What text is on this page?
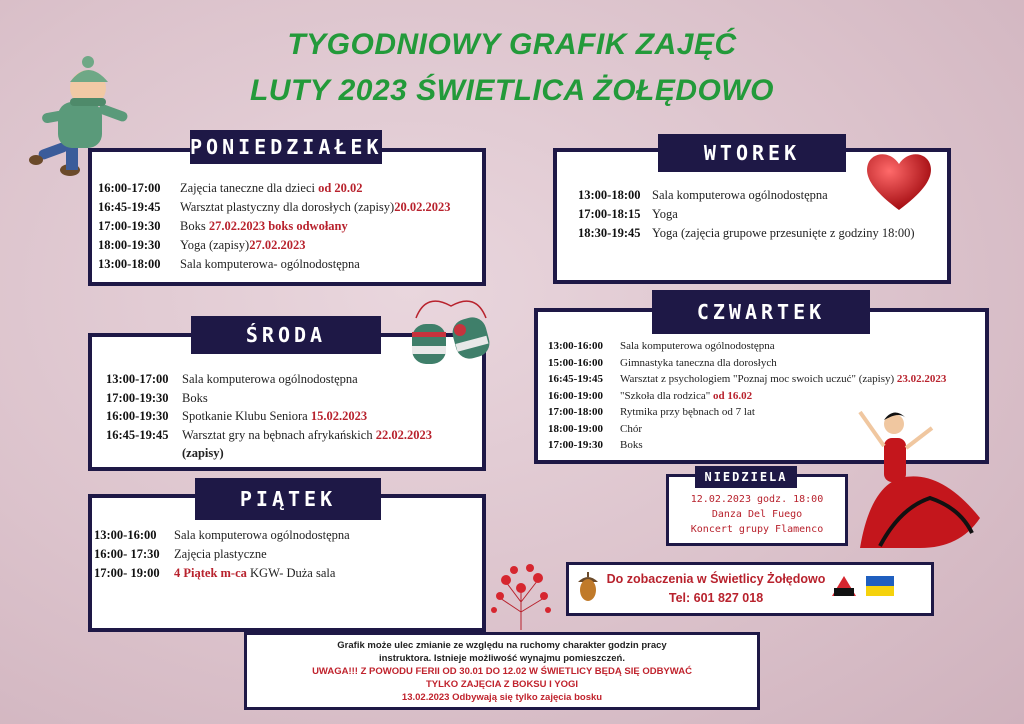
TYGODNIOWY GRAFIK ZAJĘĆ
LUTY 2023 ŚWIETLICA ŻOŁĘDOWO
PONIEDZIAŁEK
16:00-17:00 Zajęcia taneczne dla dzieci od 20.02
16:45-19:45 Warsztat plastyczny dla dorosłych (zapisy)20.02.2023
17:00-19:30 Boks 27.02.2023 boks odwołany
18:00-19:30 Yoga (zapisy)27.02.2023
13:00-18:00 Sala komputerowa- ogólnodostępna
WTOREK
13:00-18:00 Sala komputerowa ogólnodostępna
17:00-18:15 Yoga
18:30-19:45 Yoga (zajęcia grupowe przesunięte z godziny 18:00)
ŚRODA
13:00-17:00 Sala komputerowa ogólnodostępna
17:00-19:30 Boks
16:00-19:30 Spotkanie Klubu Seniora 15.02.2023
16:45-19:45 Warsztat gry na bębnach afrykańskich 22.02.2023
(zapisy)
CZWARTEK
13:00-16:00 Sala komputerowa ogólnodostępna
15:00-16:00 Gimnastyka taneczna dla dorosłych
16:45-19:45 Warsztat z psychologiem "Poznaj moc swoich uczuć" (zapisy) 23.02.2023
16:00-19:00 "Szkoła dla rodzica" od 16.02
17:00-18:00 Rytmika przy bębnach od 7 lat
18:00-19:00 Chór
17:00-19:30 Boks
NIEDZIELA
12.02.2023 godz. 18:00
Danza Del Fuego
Koncert grupy Flamenco
PIĄTEK
13:00-16:00 Sala komputerowa ogólnodostępna
16:00- 17:30 Zajęcia plastyczne
17:00- 19:00 4 Piątek m-ca KGW- Duża sala	Do zobaczenia w Świetlicy Żołędowo
Tel: 601 827 018
Grafik może ulec zmianie ze względu na ruchomy charakter godzin pracy
instruktora. Istnieje możliwość wynajmu pomieszczeń.
UWAGA!!! Z POWODU FERII OD 30.01 DO 12.02 W ŚWIETLICY BĘDĄ SIĘ ODBYWAĆ
TYLKO ZAJĘCIA Z BOKSU I YOGI
13.02.2023 Odbywają się tylko zajęcia bosku
